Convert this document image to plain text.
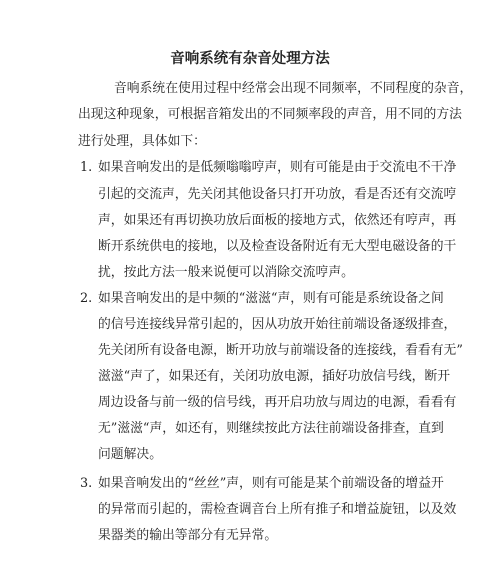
音响系统有杂音处理方法
音响系统在使用过程中经常会出现不同频率，不同程度的杂音，
出现这种现象，可根据音箱发出的不同频率段的声音，用不同的方法
进行处理，具体如下：
1. 如果音响发出的是低频嗡嗡哼声，则有可能是由于交流电不干净
引起的交流声，先关闭其他设备只打开功放，看是否还有交流哼
声，如果还有再切换功放后面板的接地方式，依然还有哼声，再
断开系统供电的接地，以及检查设备附近有无大型电磁设备的干
扰，按此方法一般来说便可以消除交流哼声。
2. 如果音响发出的是中频的“滋滋“声，则有可能是系统设备之间
的信号连接线异常引起的，因从功放开始往前端设备逐级排查，
先关闭所有设备电源，断开功放与前端设备的连接线，看看有无”
滋滋“声了，如果还有，关闭功放电源，插好功放信号线，断开
周边设备与前一级的信号线，再开启功放与周边的电源，看看有
无”滋滋“声，如还有，则继续按此方法往前端设备排查，直到
问题解决。
3. 如果音响发出的“丝丝”声，则有可能是某个前端设备的增益开
的异常而引起的，需检查调音台上所有推子和增益旋钮，以及效
果器类的输出等部分有无异常。
